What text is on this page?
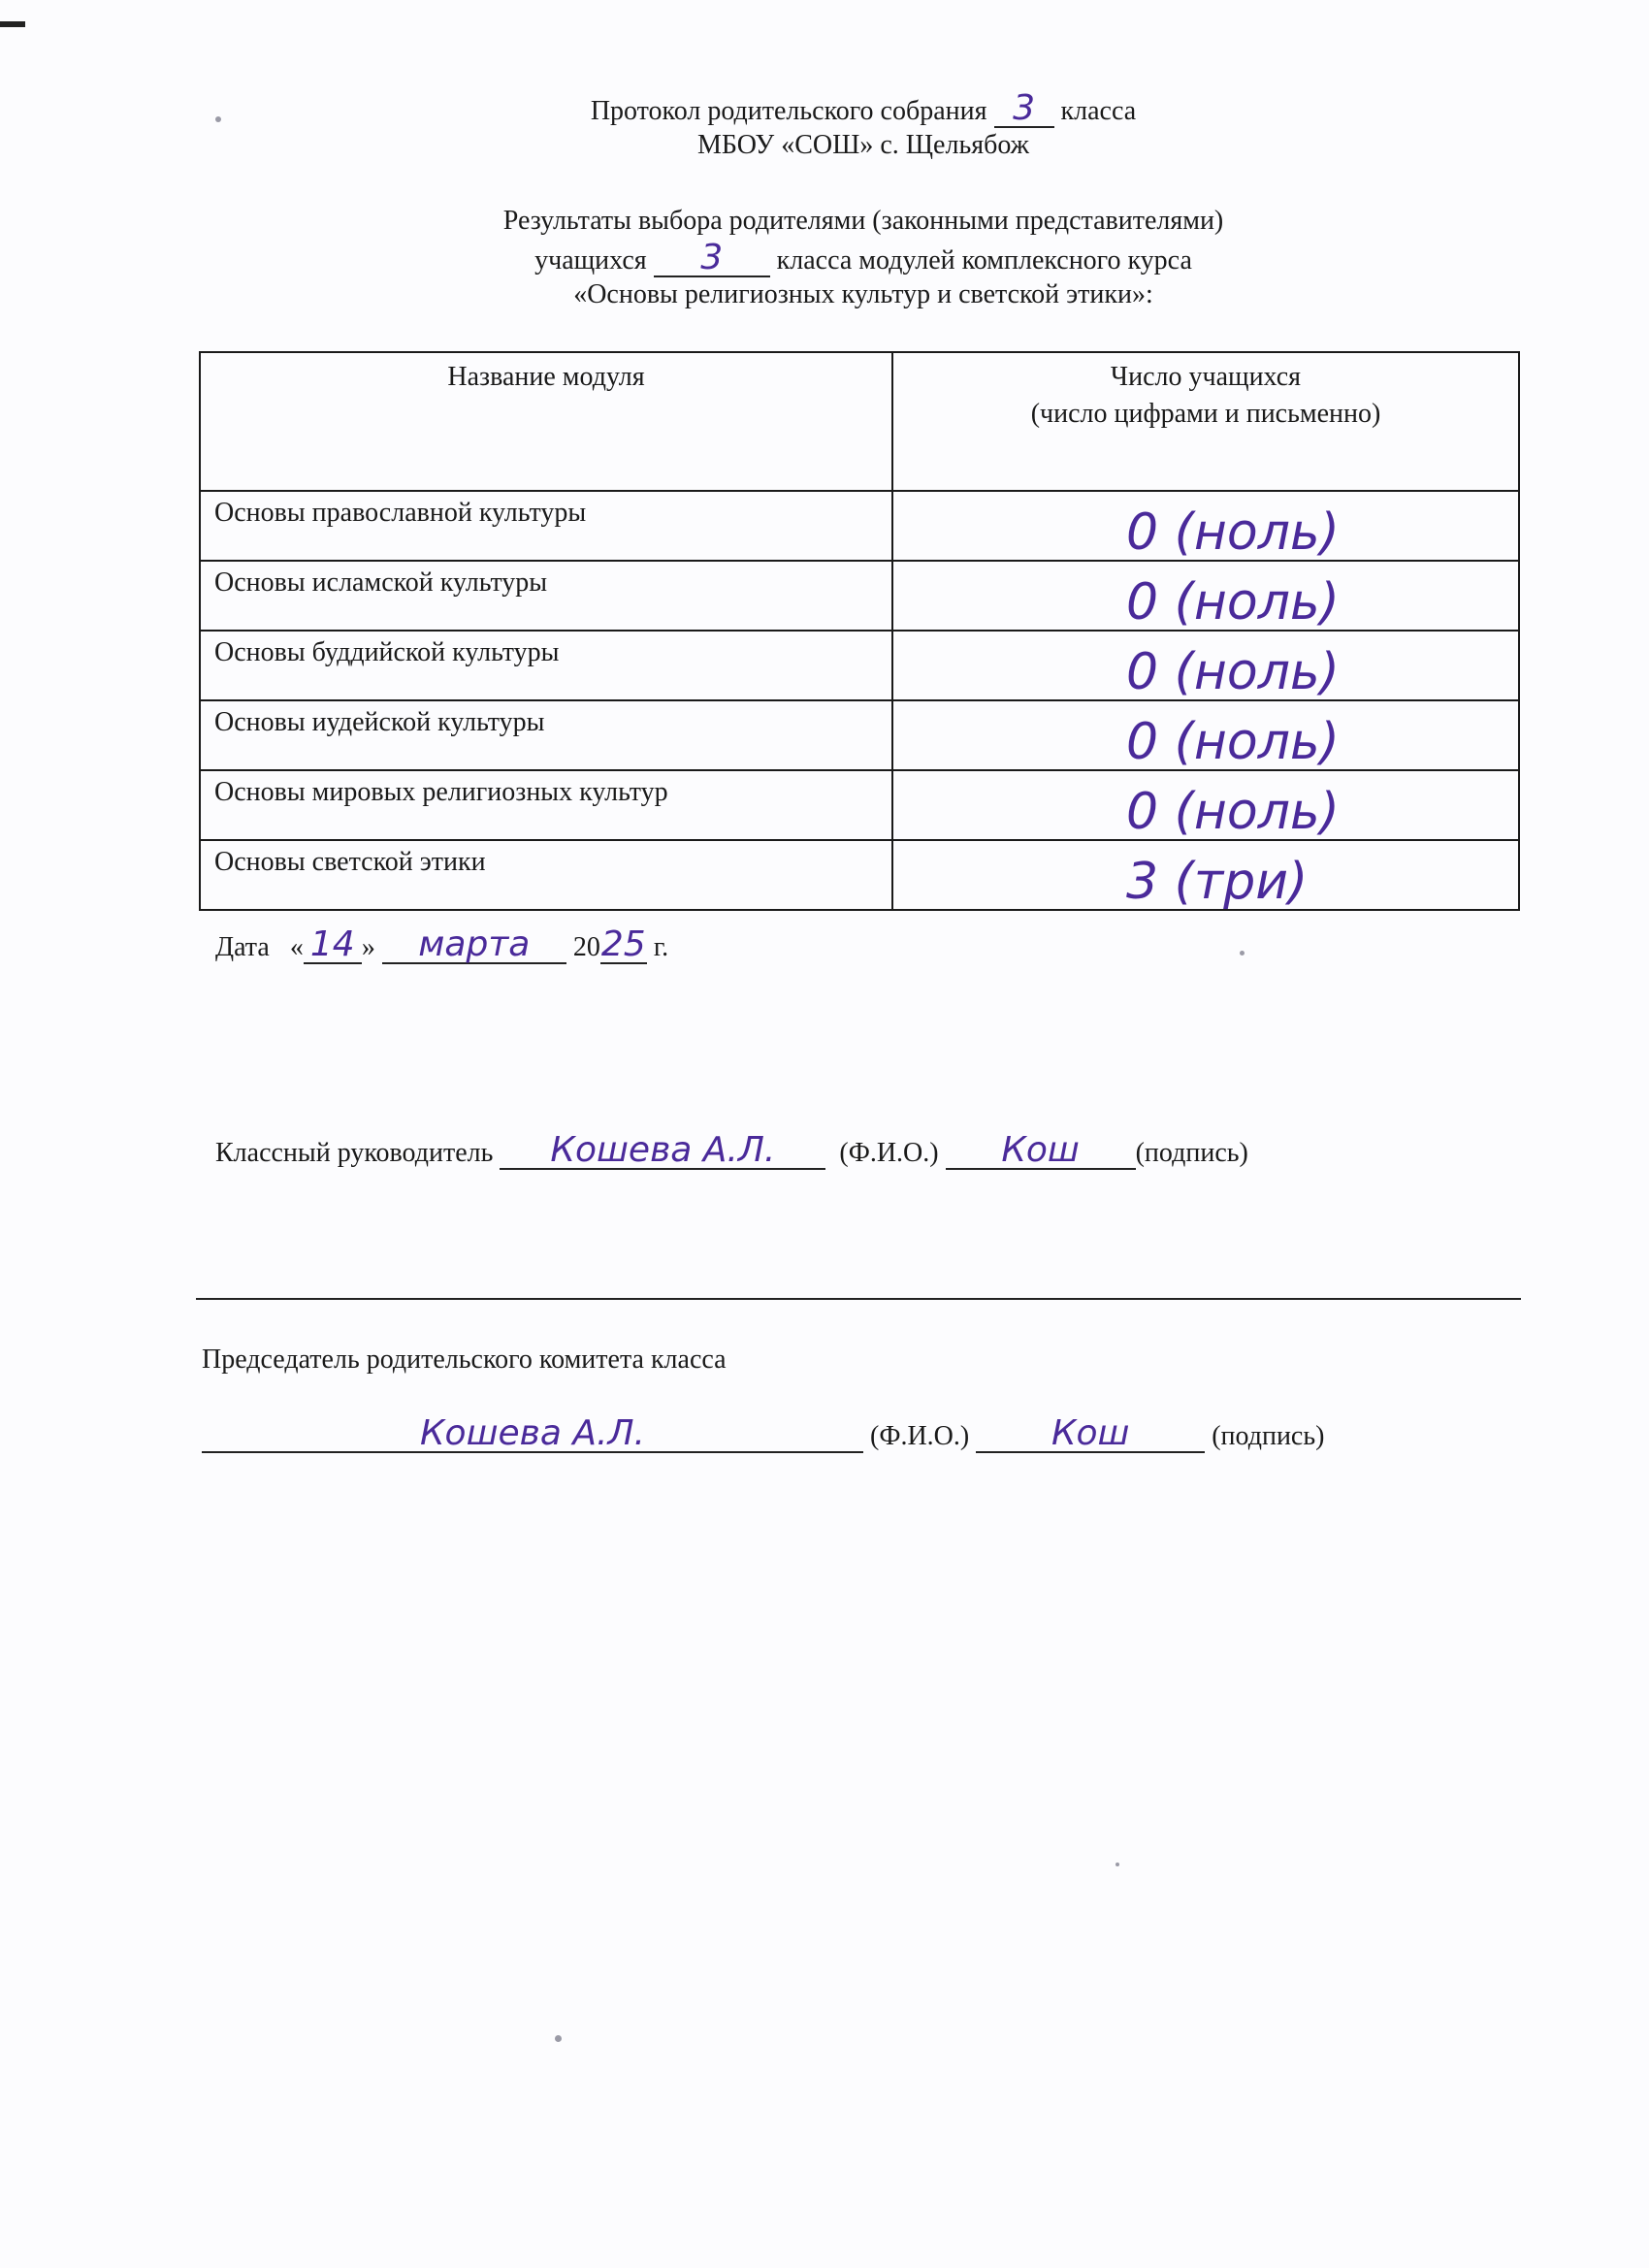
Протокол родительского собрания 3 класса
МБОУ «СОШ» с. Щельябож
Результаты выбора родителями (законными представителями)
учащихся 3 класса модулей комплексного курса
«Основы религиозных культур и светской этики»:
Название модуля	Число учащихся
(число цифрами и письменно)

Основы православной культуры	0 (ноль)

Основы исламской культуры	0 (ноль)

Основы буддийской культуры	0 (ноль)

Основы иудейской культуры	0 (ноль)

Основы мировых религиозных культур	0 (ноль)

Основы светской этики	3 (три)
Дата « 14 » марта 2025 г.
Классный руководитель Кошева А.Л. (Ф.И.О.) Кош (подпись)
Председатель родительского комитета класса
Кошева А.Л.	(Ф.И.О.) Кош	(подпись)
